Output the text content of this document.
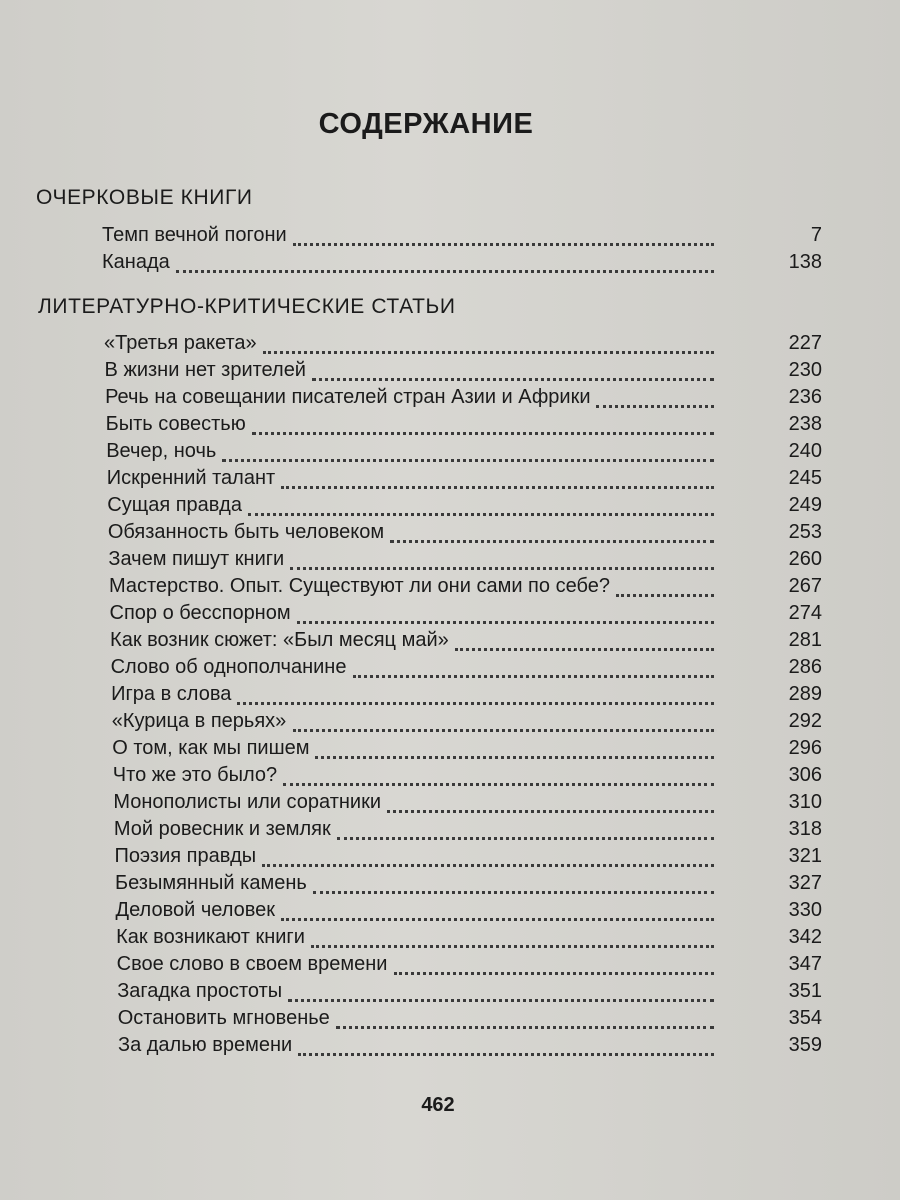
СОДЕРЖАНИЕ
ОЧЕРКОВЫЕ КНИГИ
Темп вечной погони	7
Канада	138
ЛИТЕРАТУРНО-КРИТИЧЕСКИЕ СТАТЬИ
«Третья ракета»	227
В жизни нет зрителей	230
Речь на совещании писателей стран Азии и Африки	236
Быть совестью	238
Вечер, ночь	240
Искренний талант	245
Сущая правда	249
Обязанность быть человеком	253
Зачем пишут книги	260
Мастерство. Опыт. Существуют ли они сами по себе?	267
Спор о бесспорном	274
Как возник сюжет: «Был месяц май»	281
Слово об однополчанине	286
Игра в слова	289
«Курица в перьях»	292
О том, как мы пишем	296
Что же это было?	306
Монополисты или соратники	310
Мой ровесник и земляк	318
Поэзия правды	321
Безымянный камень	327
Деловой человек	330
Как возникают книги	342
Свое слово в своем времени	347
Загадка простоты	351
Остановить мгновенье	354
За далью времени	359
462
